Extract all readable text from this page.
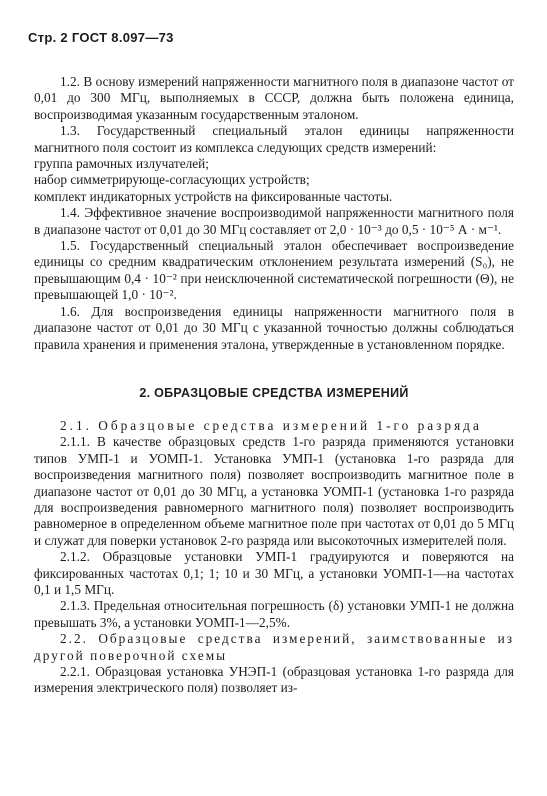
Стр. 2 ГОСТ 8.097—73

1.2. В основу измерений напряженности магнитного поля в диапазоне частот от 0,01 до 300 МГц, выполняемых в СССР, должна быть положена единица, воспроизводимая указанным государственным эталоном.

1.3. Государственный специальный эталон единицы напряженности магнитного поля состоит из комплекса следующих средств измерений:

группа рамочных излучателей;

набор симметрирующе-согласующих устройств;

комплект индикаторных устройств на фиксированные частоты.

1.4. Эффективное значение воспроизводимой напряженности магнитного поля в диапазоне частот от 0,01 до 30 МГц составляет от 2,0 · 10⁻³ до 0,5 · 10⁻⁵ А · м⁻¹.

1.5. Государственный специальный эталон обеспечивает воспроизведение единицы со средним квадратическим отклонением результата измерений (S₀), не превышающим 0,4 · 10⁻² при неисключенной систематической погрешности (Θ), не превышающей 1,0 · 10⁻².

1.6. Для воспроизведения единицы напряженности магнитного поля в диапазоне частот от 0,01 до 30 МГц с указанной точностью должны соблюдаться правила хранения и применения эталона, утвержденные в установленном порядке.

2. ОБРАЗЦОВЫЕ СРЕДСТВА ИЗМЕРЕНИЙ

2.1. Образцовые средства измерений 1-го разряда

2.1.1. В качестве образцовых средств 1-го разряда применяются установки типов УМП-1 и УОМП-1. Установка УМП-1 (установка 1-го разряда для воспроизведения магнитного поля) позволяет воспроизводить магнитное поле в диапазоне частот от 0,01 до 30 МГц, а установка УОМП-1 (установка 1-го разряда для воспроизведения равномерного магнитного поля) позволяет воспроизводить равномерное в определенном объеме магнитное поле при частотах от 0,01 до 5 МГц и служат для поверки установок 2-го разряда или высокоточных измерителей поля.

2.1.2. Образцовые установки УМП-1 градуируются и поверяются на фиксированных частотах 0,1; 1; 10 и 30 МГц, а установки УОМП-1—на частотах 0,1 и 1,5 МГц.

2.1.3. Предельная относительная погрешность (δ) установки УМП-1 не должна превышать 3%, а установки УОМП-1—2,5%.

2.2. Образцовые средства измерений, заимствованные из другой поверочной схемы

2.2.1. Образцовая установка УНЭП-1 (образцовая установка 1-го разряда для измерения электрического поля) позволяет из-
